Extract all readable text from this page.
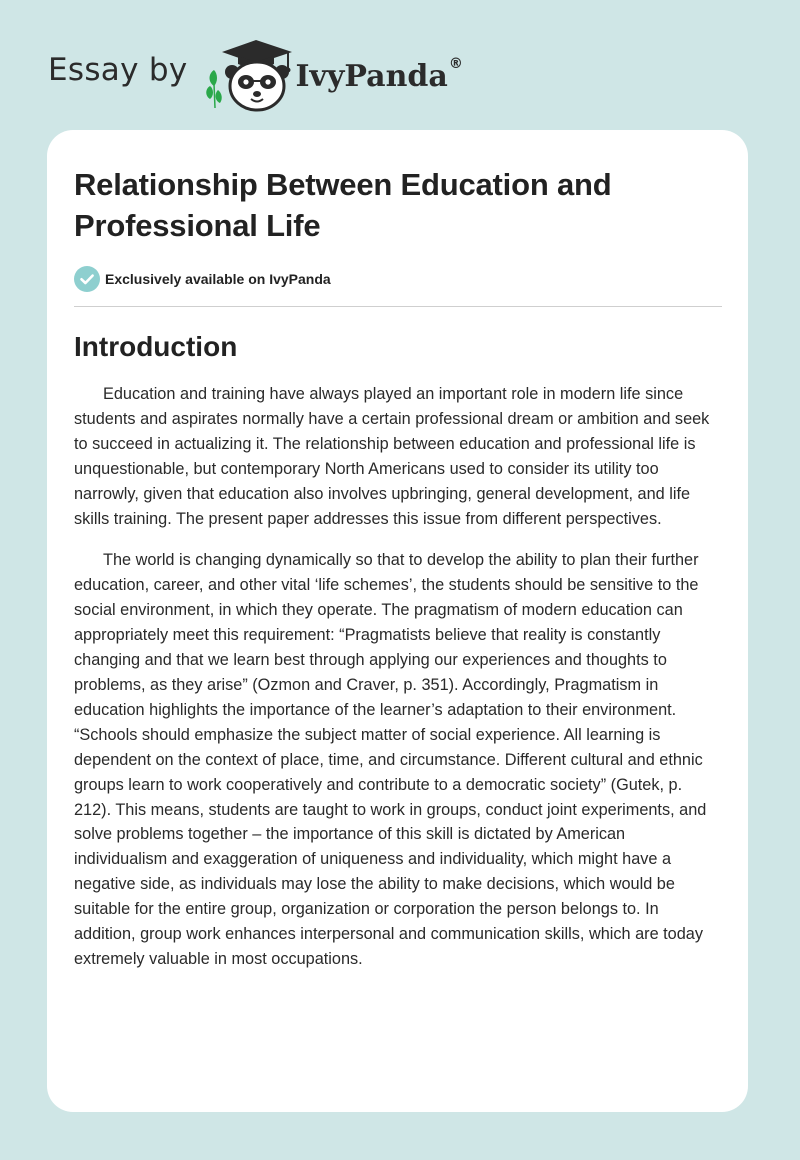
Essay by	IvyPanda ®
Relationship Between Education and Professional Life
Exclusively available on IvyPanda
Introduction

Education and training have always played an important role in modern life since students and aspirates normally have a certain professional dream or ambition and seek to succeed in actualizing it. The relationship between education and professional life is unquestionable, but contemporary North Americans used to consider its utility too narrowly, given that education also involves upbringing, general development, and life skills training. The present paper addresses this issue from different perspectives.

The world is changing dynamically so that to develop the ability to plan their further education, career, and other vital ‘life schemes’, the students should be sensitive to the social environment, in which they operate. The pragmatism of modern education can appropriately meet this requirement: “Pragmatists believe that reality is constantly changing and that we learn best through applying our experiences and thoughts to problems, as they arise” (Ozmon and Craver, p. 351). Accordingly, Pragmatism in education highlights the importance of the learner’s adaptation to their environment. “Schools should emphasize the subject matter of social experience. All learning is dependent on the context of place, time, and circumstance. Different cultural and ethnic groups learn to work cooperatively and contribute to a democratic society” (Gutek, p. 212). This means, students are taught to work in groups, conduct joint experiments, and solve problems together – the importance of this skill is dictated by American individualism and exaggeration of uniqueness and individuality, which might have a negative side, as individuals may lose the ability to make decisions, which would be suitable for the entire group, organization or corporation the person belongs to. In addition, group work enhances interpersonal and communication skills, which are today extremely valuable in most occupations.
